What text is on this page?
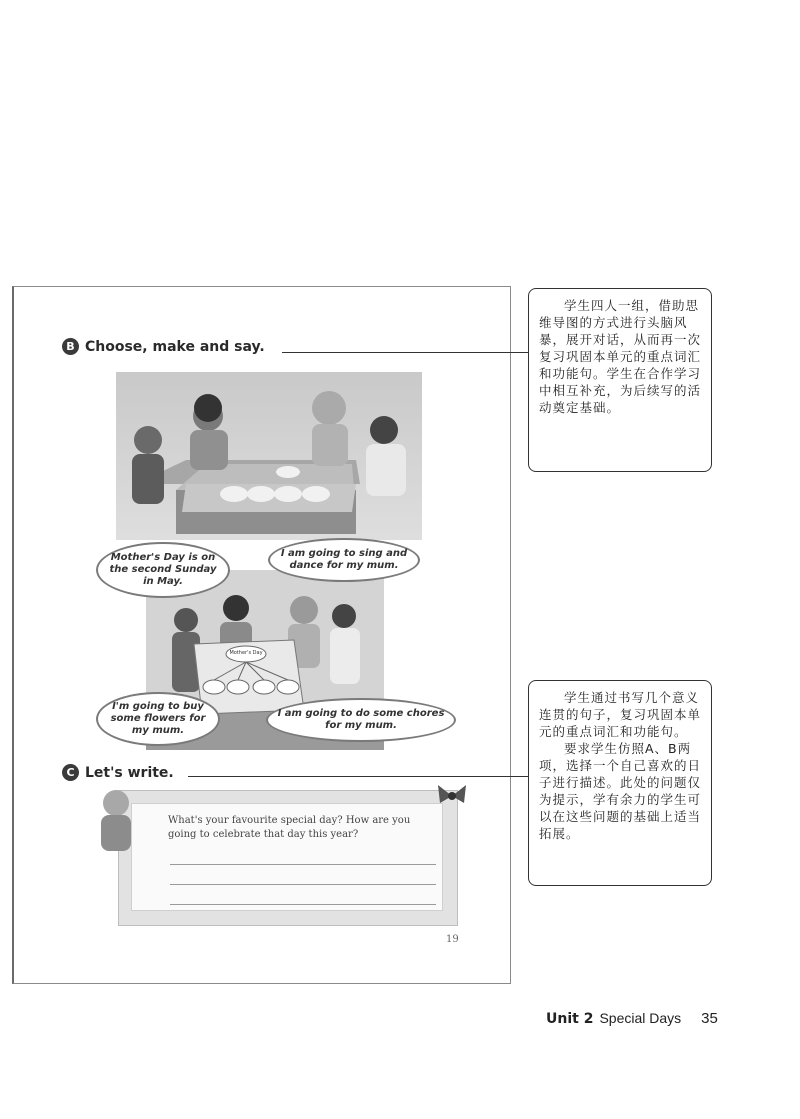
B Choose, make and say.
Mother's Day
Mother's Day is on the second Sunday in May.
I am going to sing and dance for my mum.
I'm going to buy some flowers for my mum.
I am going to do some chores for my mum.
C Let's write.
What's your favourite special day? How are you going to celebrate that day this year?
19

学生四人一组，借助思维导图的方式进行头脑风暴，展开对话，从而再一次复习巩固本单元的重点词汇和功能句。学生在合作学习中相互补充，为后续写的活动奠定基础。

学生通过书写几个意义连贯的句子，复习巩固本单元的重点词汇和功能句。

要求学生仿照A、B两项，选择一个自己喜欢的日子进行描述。此处的问题仅为提示，学有余力的学生可以在这些问题的基础上适当拓展。

Unit 2 Special Days 35
